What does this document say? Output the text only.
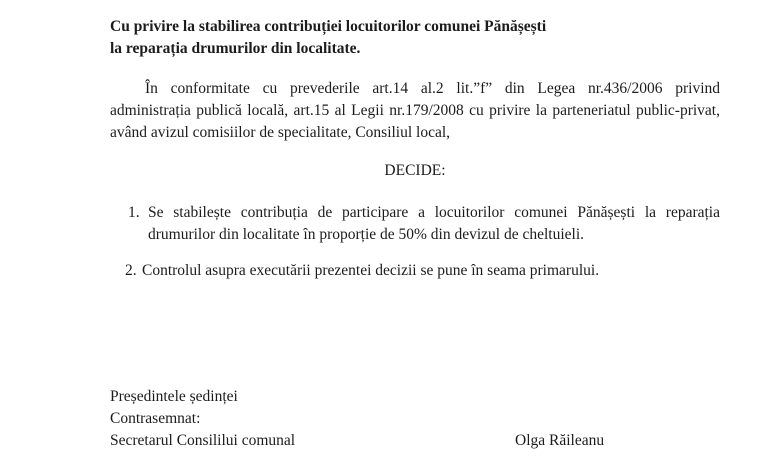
Cu privire la stabilirea contribuției locuitorilor comunei Pănășești
la reparația drumurilor din localitate.
În conformitate cu prevederile art.14 al.2 lit.”f” din Legea nr.436/2006 privind
administrația publică locală, art.15 al Legii nr.179/2008 cu privire la parteneriatul public-privat,
având avizul comisiilor de specialitate, Consiliul local,
DECIDE:
1. Se stabilește contribuția de participare a locuitorilor comunei Pănășești la reparația
drumurilor din localitate în proporție de 50% din devizul de cheltuieli.
2. Controlul asupra executării prezentei decizii se pune în seama primarului.
Președintele ședinței
Contrasemnat:
Secretarul Consililui comunal	Olga Răileanu
